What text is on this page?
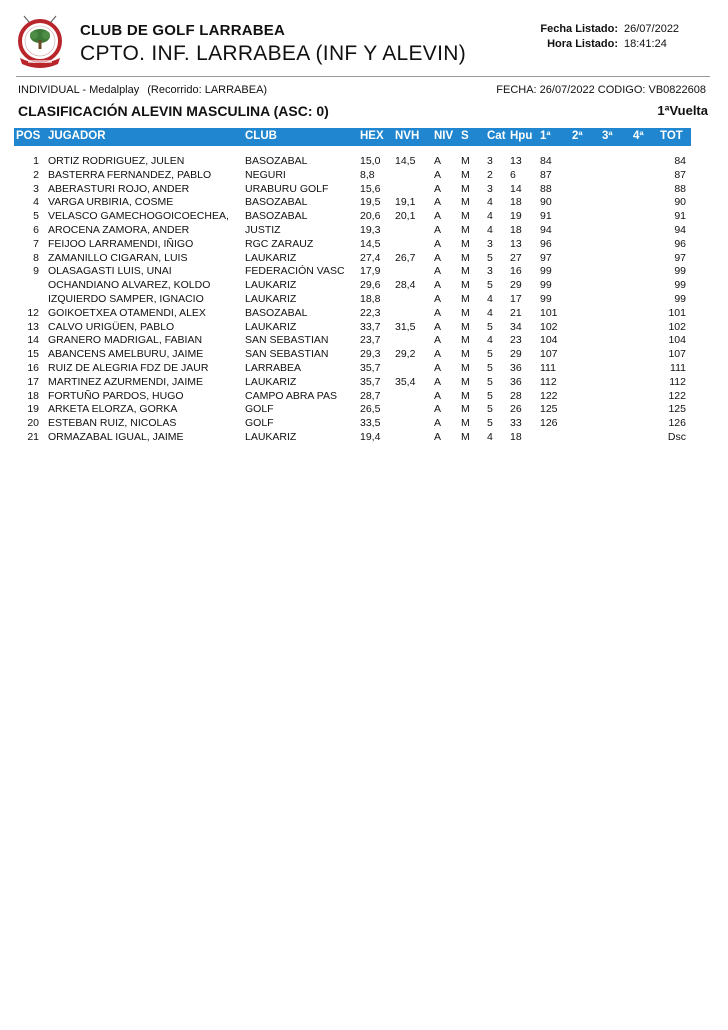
CLUB DE GOLF LARRABEA
CPTO. INF. LARRABEA (INF Y ALEVIN)
Fecha Listado:
Hora Listado:
26/07/2022
18:41:24
INDIVIDUAL - Medalplay (Recorrido: LARRABEA)	FECHA: 26/07/2022 CODIGO: VB0822608
CLASIFICACIÓN ALEVIN MASCULINA (ASC: 0)	1ªVuelta
POS JUGADOR	CLUB	HEX NVH	NIV S	Cat Hpu 1ª	2ª	3ª	4ª	TOT
1 ORTIZ RODRIGUEZ, JULEN	BASOZABAL	15,0	14,5	A	M	3	13	84	84
2 BASTERRA FERNANDEZ, PABLO	NEGURI	8,8	A	M	2	6	87	87
3 ABERASTURI ROJO, ANDER	URABURU GOLF	15,6	A	M	3	14	88	88
4 VARGA URBIRIA, COSME	BASOZABAL	19,5	19,1	A	M	4	18	90	90
5 VELASCO GAMECHOGOICOECHEA,	BASOZABAL	20,6	20,1	A	M	4	19	91	91
6 AROCENA ZAMORA, ANDER	JUSTIZ	19,3	A	M	4	18	94	94
7 FEIJOO LARRAMENDI, IÑIGO	RGC ZARAUZ	14,5	A	M	3	13	96	96
8 ZAMANILLO CIGARAN, LUIS	LAUKARIZ	27,4	26,7	A	M	5	27	97	97
9 OLASAGASTI LUIS, UNAI	FEDERACIÓN VASC	17,9	A	M	3	16	99	99
OCHANDIANO ALVAREZ, KOLDO	LAUKARIZ	29,6	28,4	A	M	5	29	99	99
IZQUIERDO SAMPER, IGNACIO	LAUKARIZ	18,8	A	M	4	17	99	99
12 GOIKOETXEA OTAMENDI, ALEX	BASOZABAL	22,3	A	M	4	21	101	101
13 CALVO URIGÜEN, PABLO	LAUKARIZ	33,7	31,5	A	M	5	34	102	102
14 GRANERO MADRIGAL, FABIAN	SAN SEBASTIAN	23,7	A	M	4	23	104	104
15 ABANCENS AMELBURU, JAIME	SAN SEBASTIAN	29,3	29,2	A	M	5	29	107	107
16 RUIZ DE ALEGRIA FDZ DE JAUR	LARRABEA	35,7	A	M	5	36	111	111
17 MARTINEZ AZURMENDI, JAIME	LAUKARIZ	35,7	35,4	A	M	5	36	112	112
18 FORTUÑO PARDOS, HUGO	CAMPO ABRA PAS	28,7	A	M	5	28	122	122
19 ARKETA ELORZA, GORKA	GOLF	26,5	A	M	5	26	125	125
20 ESTEBAN RUIZ, NICOLAS	GOLF	33,5	A	M	5	33	126	126
21 ORMAZABAL IGUAL, JAIME	LAUKARIZ	19,4	A	M	4	18	Dsc
